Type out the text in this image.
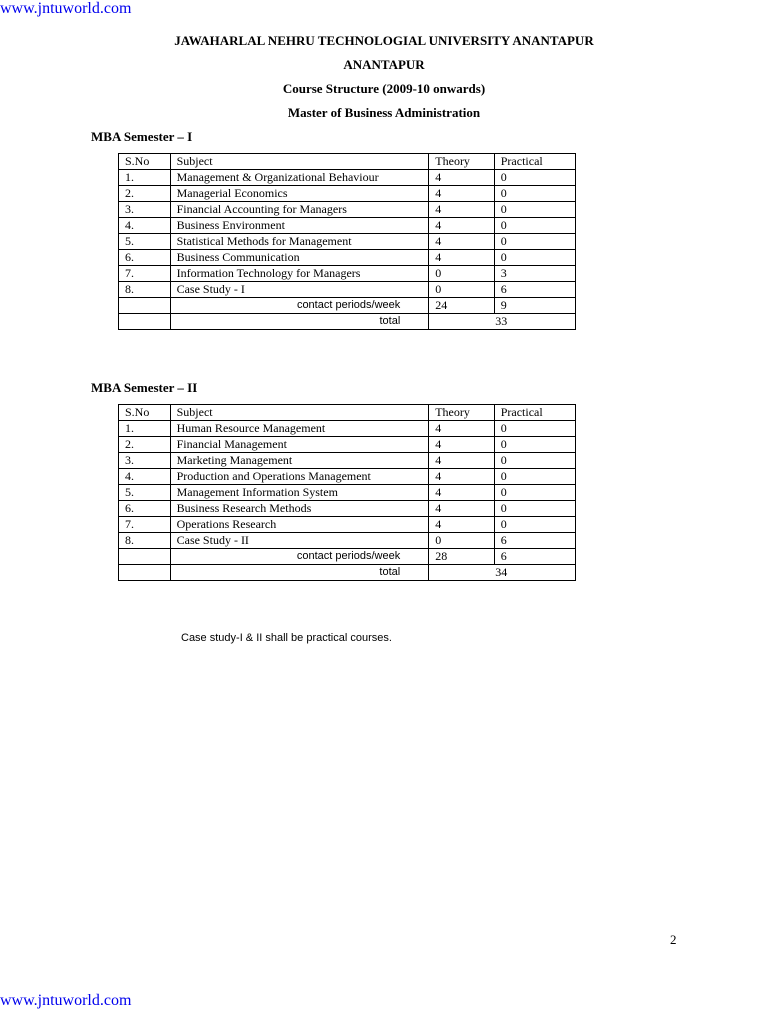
www.jntuworld.com
JAWAHARLAL NEHRU TECHNOLOGIAL UNIVERSITY ANANTAPUR
ANANTAPUR
Course Structure (2009-10 onwards)
Master of Business Administration
MBA Semester – I
S.No	Subject	Theory	Practical
1.	Management & Organizational Behaviour	4	0
2.	Managerial Economics	4	0
3.	Financial Accounting for Managers	4	0
4.	Business Environment	4	0
5.	Statistical Methods for Management	4	0
6.	Business Communication	4	0
7.	Information Technology for Managers	0	3
8.	Case Study - I	0	6
	contact periods/week	24	9
	total	33	
MBA Semester – II
S.No	Subject	Theory	Practical
1.	Human Resource Management	4	0
2.	Financial Management	4	0
3.	Marketing Management	4	0
4.	Production and Operations Management	4	0
5.	Management Information System	4	0
6.	Business Research Methods	4	0
7.	Operations Research	4	0
8.	Case Study - II	0	6
	contact periods/week	28	6
	total	34	
Case study-I & II shall be practical courses.
2
www.jntuworld.com
